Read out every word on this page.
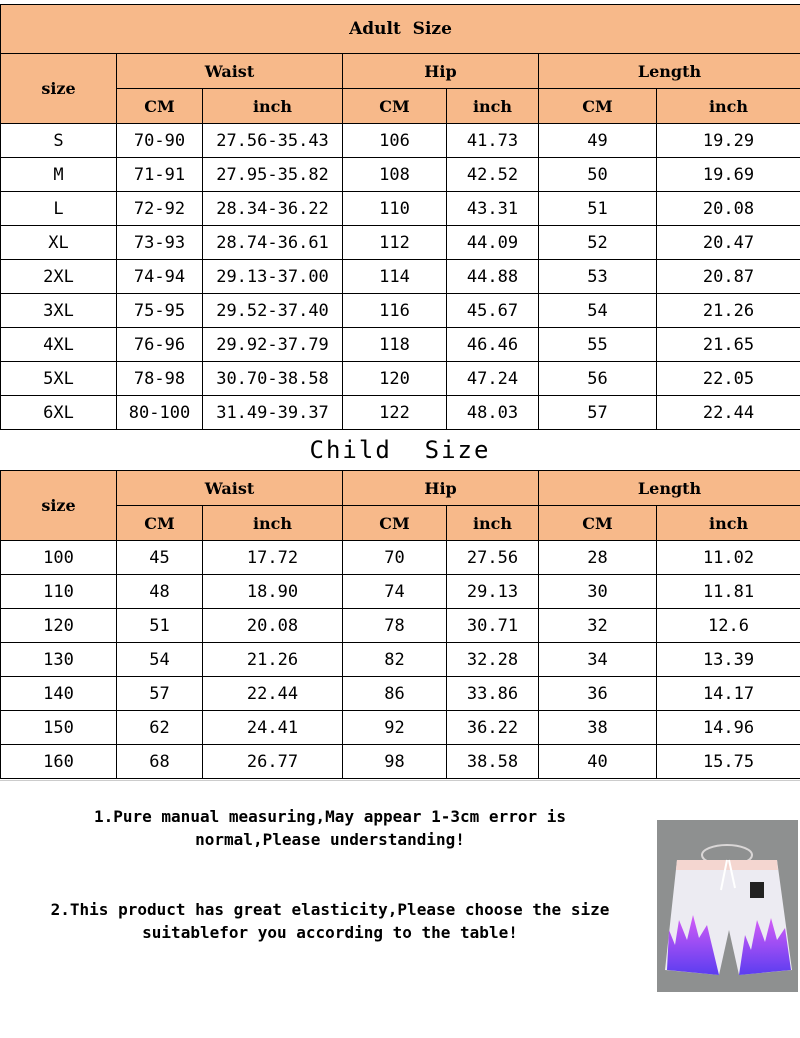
Adult  Size						
size	Waist		Hip		Length	
	CM	inch	CM	inch	CM	inch
S	70-90	27.56-35.43	106	41.73	49	19.29
M	71-91	27.95-35.82	108	42.52	50	19.69
L	72-92	28.34-36.22	110	43.31	51	20.08
XL	73-93	28.74-36.61	112	44.09	52	20.47
2XL	74-94	29.13-37.00	114	44.88	53	20.87
3XL	75-95	29.52-37.40	116	45.67	54	21.26
4XL	76-96	29.92-37.79	118	46.46	55	21.65
5XL	78-98	30.70-38.58	120	47.24	56	22.05
6XL	80-100	31.49-39.37	122	48.03	57	22.44
Child  Size
size	Waist		Hip		Length	
	CM	inch	CM	inch	CM	inch
100	45	17.72	70	27.56	28	11.02
110	48	18.90	74	29.13	30	11.81
120	51	20.08	78	30.71	32	12.6
130	54	21.26	82	32.28	34	13.39
140	57	22.44	86	33.86	36	14.17
150	62	24.41	92	36.22	38	14.96
160	68	26.77	98	38.58	40	15.75
1.Pure manual measuring,May appear 1-3cm error is
normal,Please understanding!
2.This product has great elasticity,Please choose the size
suitablefor you according to the table!
